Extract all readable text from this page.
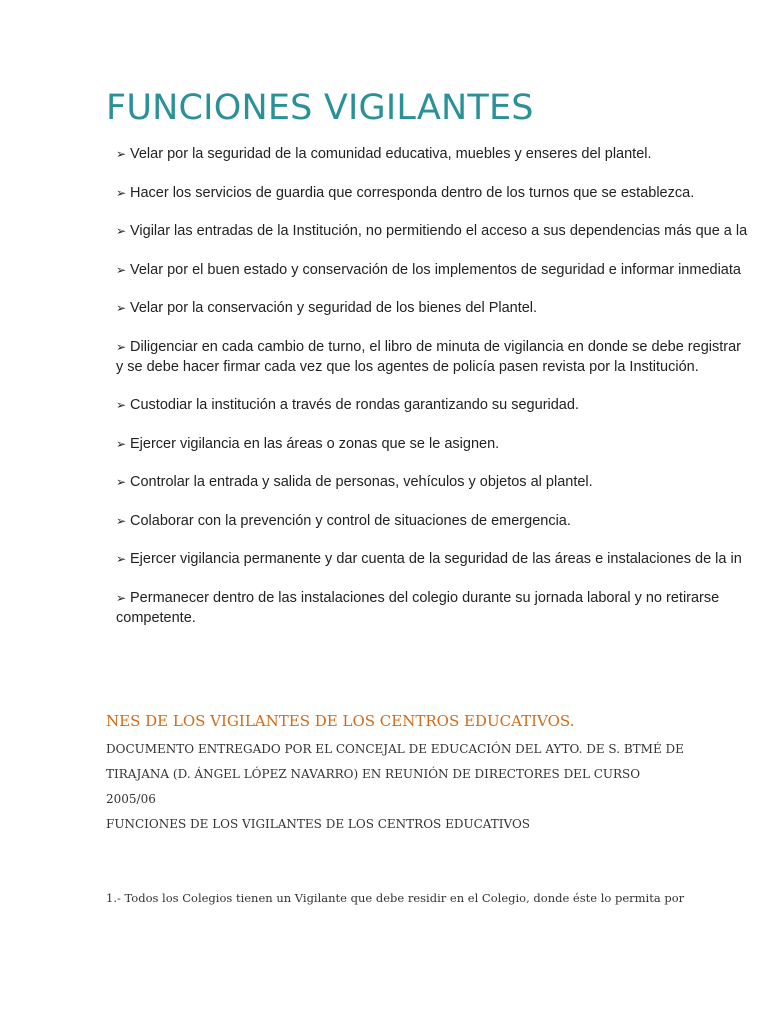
FUNCIONES VIGILANTES

➢ Velar por la seguridad de la comunidad educativa, muebles y enseres del plantel.

➢ Hacer los servicios de guardia que corresponda dentro de los turnos que se establezca.

➢ Vigilar las entradas de la Institución, no permitiendo el acceso a sus dependencias más que a la

➢ Velar por el buen estado y conservación de los implementos de seguridad e informar inmediata

➢ Velar por la conservación y seguridad de los bienes del Plantel.

➢ Diligenciar en cada cambio de turno, el libro de minuta de vigilancia en donde se debe registrar
y se debe hacer firmar cada vez que los agentes de policía pasen revista por la Institución.

➢ Custodiar la institución a través de rondas garantizando su seguridad.

➢ Ejercer vigilancia en las áreas o zonas que se le asignen.

➢ Controlar la entrada y salida de personas, vehículos y objetos al plantel.

➢ Colaborar con la prevención y control de situaciones de emergencia.

➢ Ejercer vigilancia permanente y dar cuenta de la seguridad de las áreas e instalaciones de la in

➢ Permanecer dentro de las instalaciones del colegio durante su jornada laboral y no retirarse
competente.

NES DE LOS VIGILANTES DE LOS CENTROS EDUCATIVOS.

DOCUMENTO ENTREGADO POR EL CONCEJAL DE EDUCACIÓN DEL AYTO. DE S. BTMÉ DE

TIRAJANA (D. ÁNGEL LÓPEZ NAVARRO) EN REUNIÓN DE DIRECTORES DEL CURSO

2005/06

FUNCIONES DE LOS VIGILANTES DE LOS CENTROS EDUCATIVOS

1.- Todos los Colegios tienen un Vigilante que debe residir en el Colegio, donde éste lo permita por
